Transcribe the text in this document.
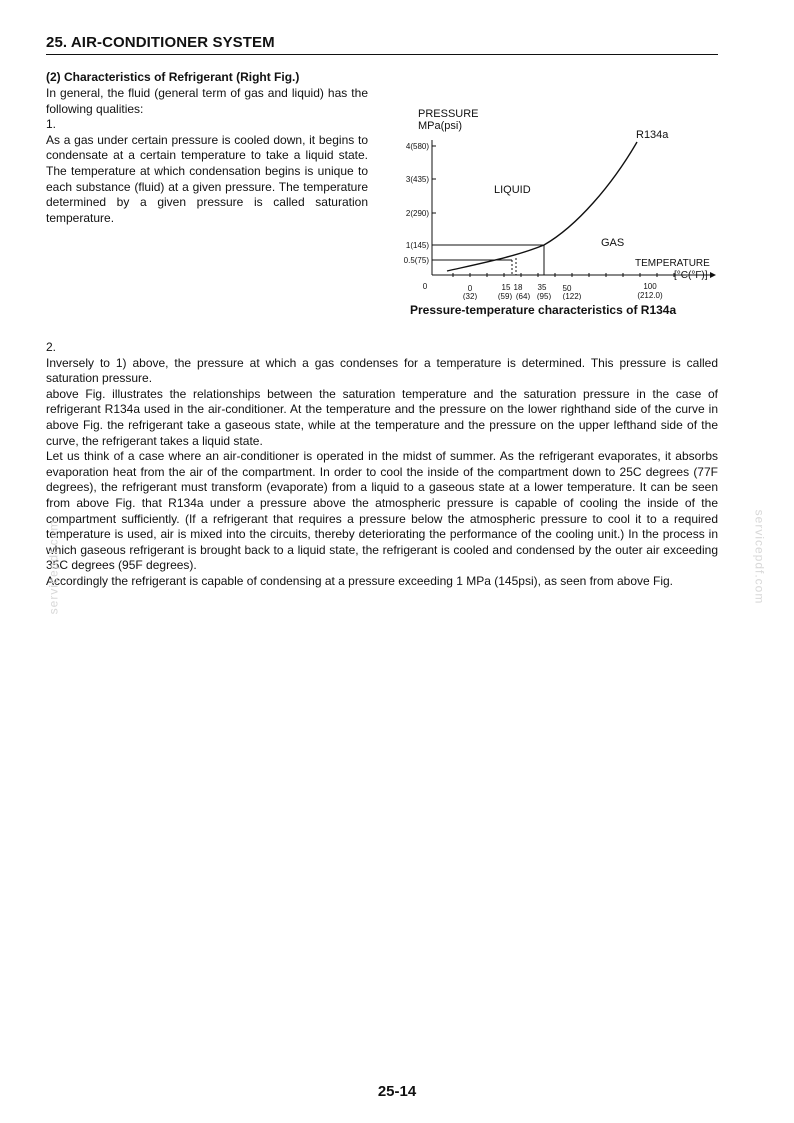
25. AIR-CONDITIONER SYSTEM
(2) Characteristics of Refrigerant (Right Fig.)

In general, the fluid (general term of gas and liquid) has the following qualities:

1.

As a gas under certain pressure is cooled down, it begins to condensate at a certain temperature to take a liquid state. The temperature at which condensation begins is unique to each substance (fluid) at a given pressure. The temperature determined by a given pressure is called saturation temperature.

PRESSURE
MPa(psi)
4(580)
3(435)
2(290)
1(145)
0.5(75)
0	0
(32)
15
(59)
18
(64)
35
(95)
50
(122)
100
(212.0)
TEMPERATURE
[°C(°F)]
R134a
LIQUID
GAS
Pressure-temperature characteristics of R134a

2.

Inversely to 1) above, the pressure at which a gas condenses for a temperature is determined. This pressure is called saturation pressure.

above Fig. illustrates the relationships between the saturation temperature and the saturation pressure in the case of refrigerant R134a used in the air-conditioner. At the temperature and the pressure on the lower righthand side of the curve in above Fig. the refrigerant take a gaseous state, while at the temperature and the pressure on the upper lefthand side of the curve, the refrigerant takes a liquid state.

Let us think of a case where an air-conditioner is operated in the midst of summer. As the refrigerant evaporates, it absorbs evaporation heat from the air of the compartment. In order to cool the inside of the compartment down to 25C degrees (77F degrees), the refrigerant must transform (evaporate) from a liquid to a gaseous state at a lower temperature. It can be seen from above Fig. that R134a under a pressure above the atmospheric pressure is capable of cooling the inside of the compartment sufficiently. (If a refrigerant that requires a pressure below the atmospheric pressure to cool it to a required temperature is used, air is mixed into the circuits, thereby deteriorating the performance of the cooling unit.) In the process in which gaseous refrigerant is brought back to a liquid state, the refrigerant is cooled and condensed by the outer air exceeding 35C degrees (95F degrees).

Accordingly the refrigerant is capable of condensing at a pressure exceeding 1 MPa (145psi), as seen from above Fig.

servicepdf.com	servicepdf.com
25-14
